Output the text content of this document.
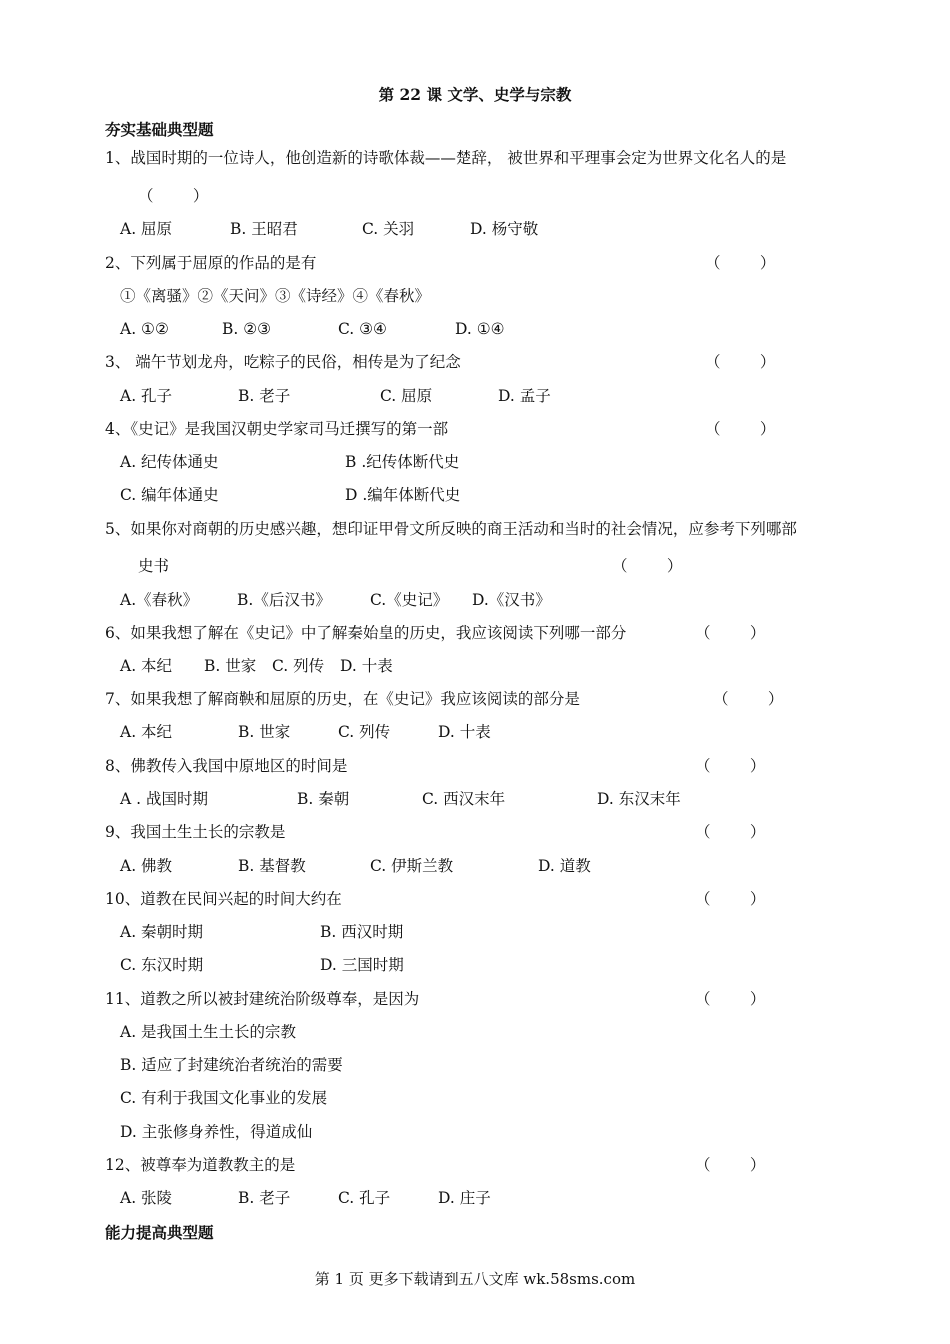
第 22 课 文学、史学与宗教
夯实基础典型题
1、战国时期的一位诗人，他创造新的诗歌体裁——楚辞， 被世界和平理事会定为世界文化名人的是
（        ）
A. 屈原	B. 王昭君	C. 关羽	D. 杨守敬
2、下列属于屈原的作品的是有	（        ）
①《离骚》②《天问》③《诗经》④《春秋》
A. ①②	B. ②③	C. ③④	D. ①④
3、 端午节划龙舟，吃粽子的民俗，相传是为了纪念	（        ）
A. 孔子	B. 老子	C. 屈原	D. 孟子
4、《史记》是我国汉朝史学家司马迁撰写的第一部	（        ）
A. 纪传体通史	B .纪传体断代史
C. 编年体通史	D .编年体断代史
5、如果你对商朝的历史感兴趣，想印证甲骨文所反映的商王活动和当时的社会情况，应参考下列哪部
史书	（        ）
A.《春秋》	B.《后汉书》	C.《史记》 D.《汉书》
6、如果我想了解在《史记》中了解秦始皇的历史，我应该阅读下列哪一部分	（        ）
A. 本纪 B. 世家 C. 列传 D. 十表
7、如果我想了解商鞅和屈原的历史，在《史记》我应该阅读的部分是	（        ）
A. 本纪	B. 世家	C. 列传	D. 十表
8、佛教传入我国中原地区的时间是	（        ）
A . 战国时期	B. 秦朝	C. 西汉末年	D. 东汉末年
9、我国土生土长的宗教是	（        ）
A. 佛教	B. 基督教	C. 伊斯兰教	D. 道教
10、道教在民间兴起的时间大约在	（        ）
A. 秦朝时期	B. 西汉时期
C. 东汉时期	D. 三国时期
11、道教之所以被封建统治阶级尊奉，是因为	（        ）
A. 是我国土生土长的宗教
B. 适应了封建统治者统治的需要
C. 有利于我国文化事业的发展
D. 主张修身养性，得道成仙
12、被尊奉为道教教主的是	（        ）
A. 张陵	B. 老子	C. 孔子	D. 庄子
能力提高典型题
第 1 页 更多下载请到五八文库 wk.58sms.com
